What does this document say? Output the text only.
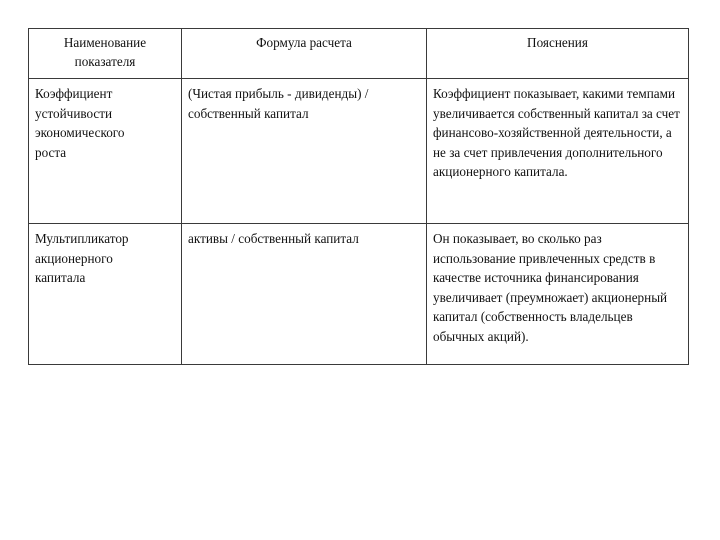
Наименование показателя	Формула расчета	Пояснения

Коэффициент устойчивости экономического роста	(Чистая прибыль - дивиденды) /собственный капитал	Коэффициент показывает, какими темпами увеличивается собственный капитал за счет финансово-хозяйственной деятельности, а не за счет привлечения дополнительного акционерного капитала.

Мультипликатор акционерного капитала	активы / собственный капитал	Он показывает, во сколько раз использование привлеченных средств в качестве источника финансирования увеличивает (преумножает) акционерный капитал (собственность владельцев обычных акций).
